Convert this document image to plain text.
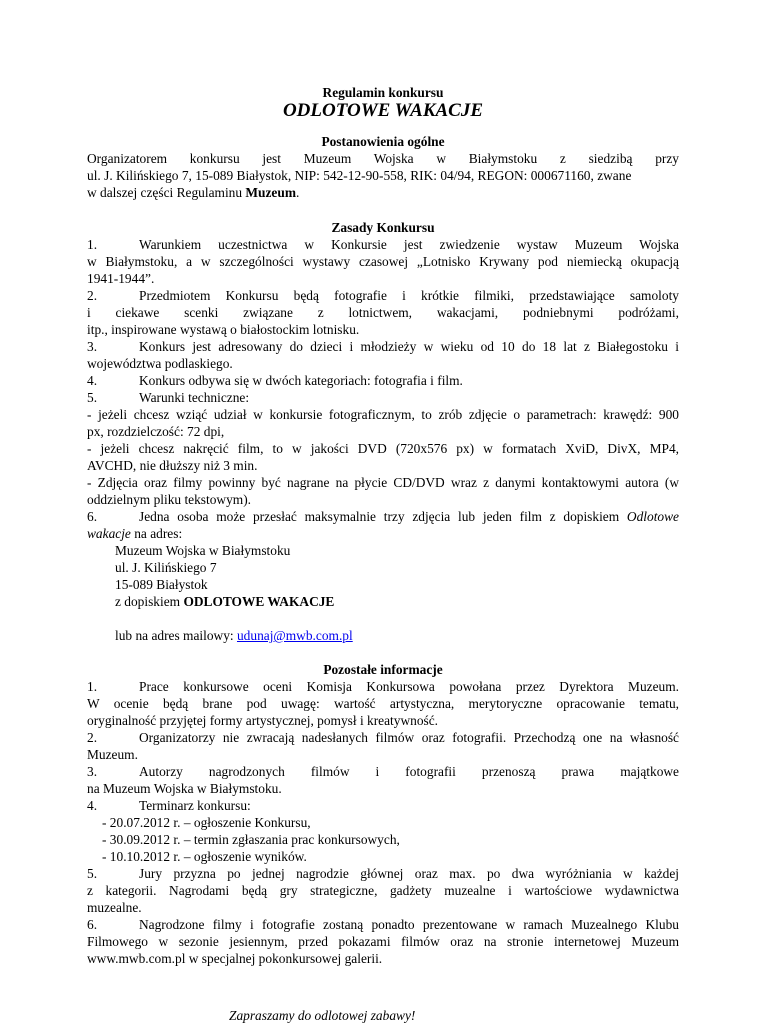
Regulamin konkursu
ODLOTOWE WAKACJE
Postanowienia ogólne
Organizatorem konkursu jest Muzeum Wojska w Białymstoku z siedzibą przy
ul. J. Kilińskiego 7, 15-089 Białystok, NIP: 542-12-90-558, RIK: 04/94, REGON: 000671160, zwane
w dalszej części Regulaminu Muzeum.
Zasady Konkursu
1.	Warunkiem uczestnictwa w Konkursie jest zwiedzenie wystaw Muzeum Wojska
w Białymstoku, a w szczególności wystawy czasowej „Lotnisko Krywany pod niemiecką okupacją
1941-1944”.
2.	Przedmiotem Konkursu będą fotografie i krótkie filmiki, przedstawiające samoloty
i ciekawe scenki związane z lotnictwem, wakacjami, podniebnymi podróżami,
itp., inspirowane wystawą o białostockim lotnisku.
3.	Konkurs jest adresowany do dzieci i młodzieży w wieku od 10 do 18 lat z Białegostoku i
województwa podlaskiego.
4.	Konkurs odbywa się w dwóch kategoriach: fotografia i film.
5.	Warunki techniczne:
- jeżeli chcesz wziąć udział w konkursie fotograficznym, to zrób zdjęcie o parametrach: krawędź: 900
px, rozdzielczość: 72 dpi,
- jeżeli chcesz nakręcić film, to w jakości DVD (720x576 px) w formatach XviD, DivX, MP4,
AVCHD, nie dłuższy niż 3 min.
- Zdjęcia oraz filmy powinny być nagrane na płycie CD/DVD wraz z danymi kontaktowymi autora (w
oddzielnym pliku tekstowym).
6.	Jedna osoba może przesłać maksymalnie trzy zdjęcia lub jeden film z dopiskiem Odlotowe
wakacje na adres:
Muzeum Wojska w Białymstoku
ul. J. Kilińskiego 7
15-089 Białystok
z dopiskiem ODLOTOWE WAKACJE
lub na adres mailowy: udunaj@mwb.com.pl
Pozostałe informacje
1.	Prace konkursowe oceni Komisja Konkursowa powołana przez Dyrektora Muzeum.
W ocenie będą brane pod uwagę: wartość artystyczna, merytoryczne opracowanie tematu,
oryginalność przyjętej formy artystycznej, pomysł i kreatywność.
2.	Organizatorzy nie zwracają nadesłanych filmów oraz fotografii. Przechodzą one na własność
Muzeum.
3.	Autorzy nagrodzonych filmów i fotografii przenoszą prawa majątkowe
na Muzeum Wojska w Białymstoku.
4.	Terminarz konkursu:
- 20.07.2012 r. – ogłoszenie Konkursu,
- 30.09.2012 r. – termin zgłaszania prac konkursowych,
- 10.10.2012 r. – ogłoszenie wyników.
5.	Jury przyzna po jednej nagrodzie głównej oraz max. po dwa wyróżniania w każdej
z kategorii. Nagrodami będą gry strategiczne, gadżety muzealne i wartościowe wydawnictwa
muzealne.
6.	Nagrodzone filmy i fotografie zostaną ponadto prezentowane w ramach Muzealnego Klubu
Filmowego w sezonie jesiennym, przed pokazami filmów oraz na stronie internetowej Muzeum
www.mwb.com.pl w specjalnej pokonkursowej galerii.
Zapraszamy do odlotowej zabawy!
